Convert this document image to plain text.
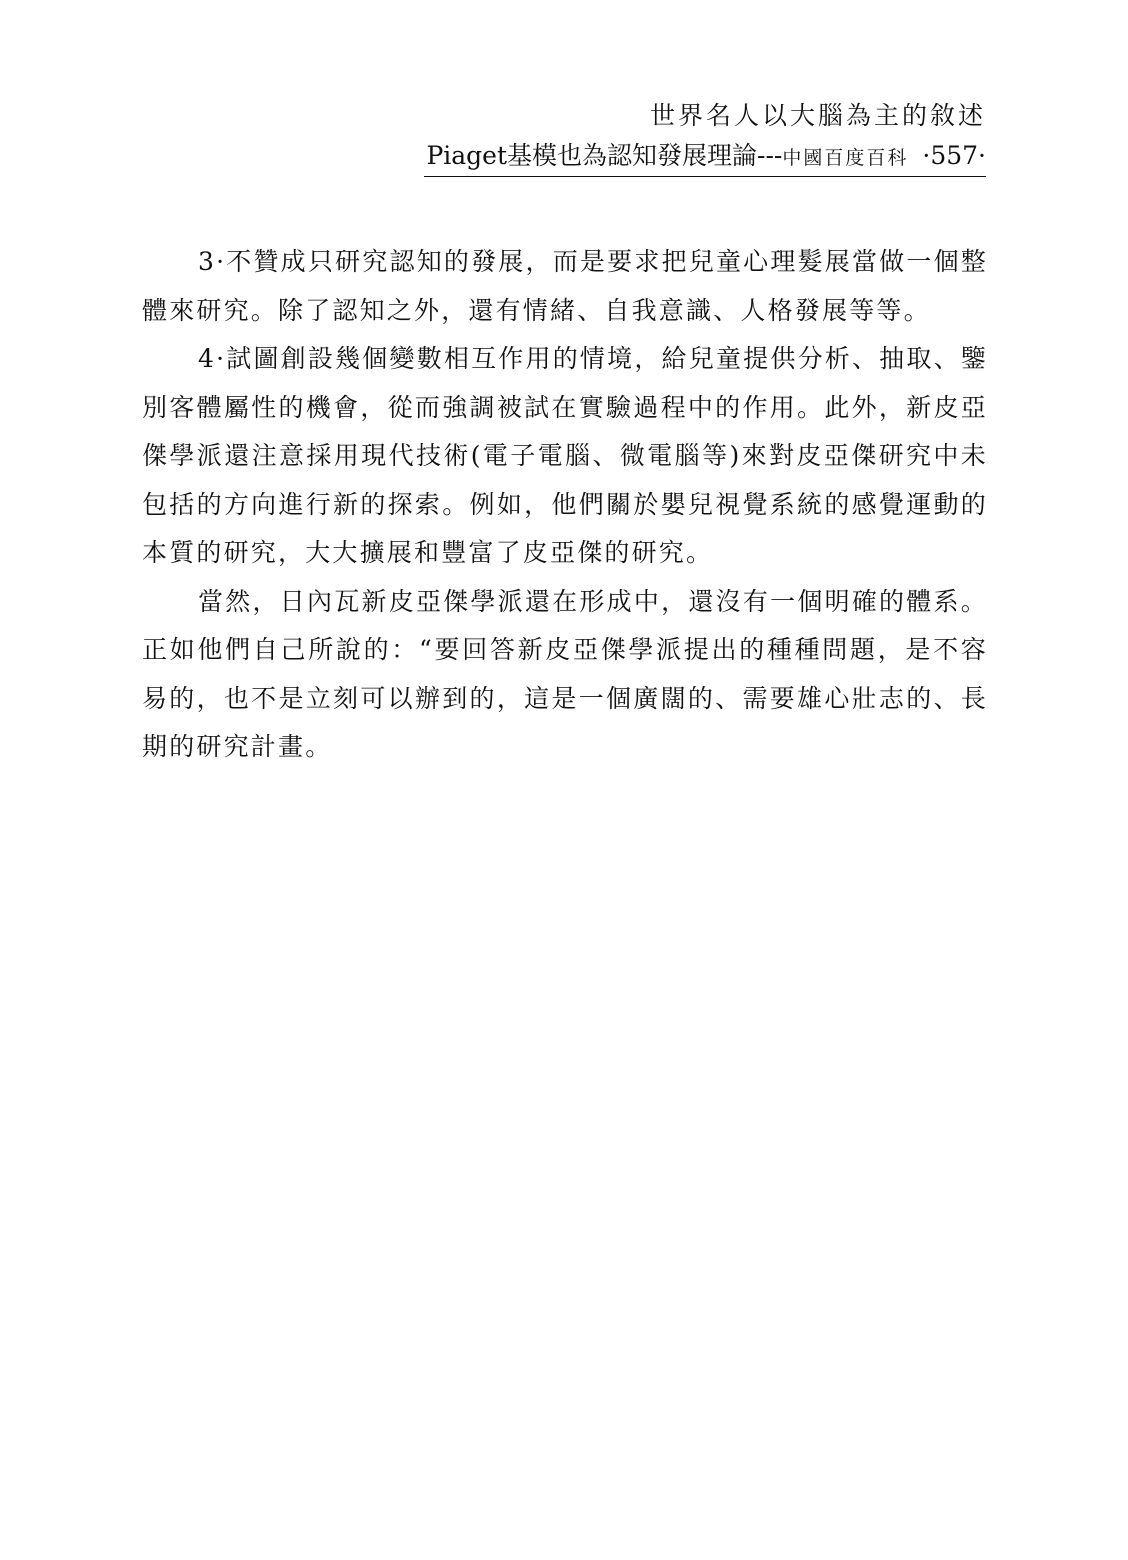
世界名人以大腦為主的敘述
Piaget基模也為認知發展理論---中國百度百科 ·557·

3·不贊成只研究認知的發展，而是要求把兒童心理髮展當做一個整體來研究。除了認知之外，還有情緒、自我意識、人格發展等等。

4·試圖創設幾個變數相互作用的情境，給兒童提供分析、抽取、鑒別客體屬性的機會，從而強調被試在實驗過程中的作用。此外，新皮亞傑學派還注意採用現代技術(電子電腦、微電腦等)來對皮亞傑研究中未包括的方向進行新的探索。例如，他們關於嬰兒視覺系統的感覺運動的本質的研究，大大擴展和豐富了皮亞傑的研究。

當然，日內瓦新皮亞傑學派還在形成中，還沒有一個明確的體系。正如他們自己所說的：“要回答新皮亞傑學派提出的種種問題，是不容易的，也不是立刻可以辦到的，這是一個廣闊的、需要雄心壯志的、長期的研究計畫。
